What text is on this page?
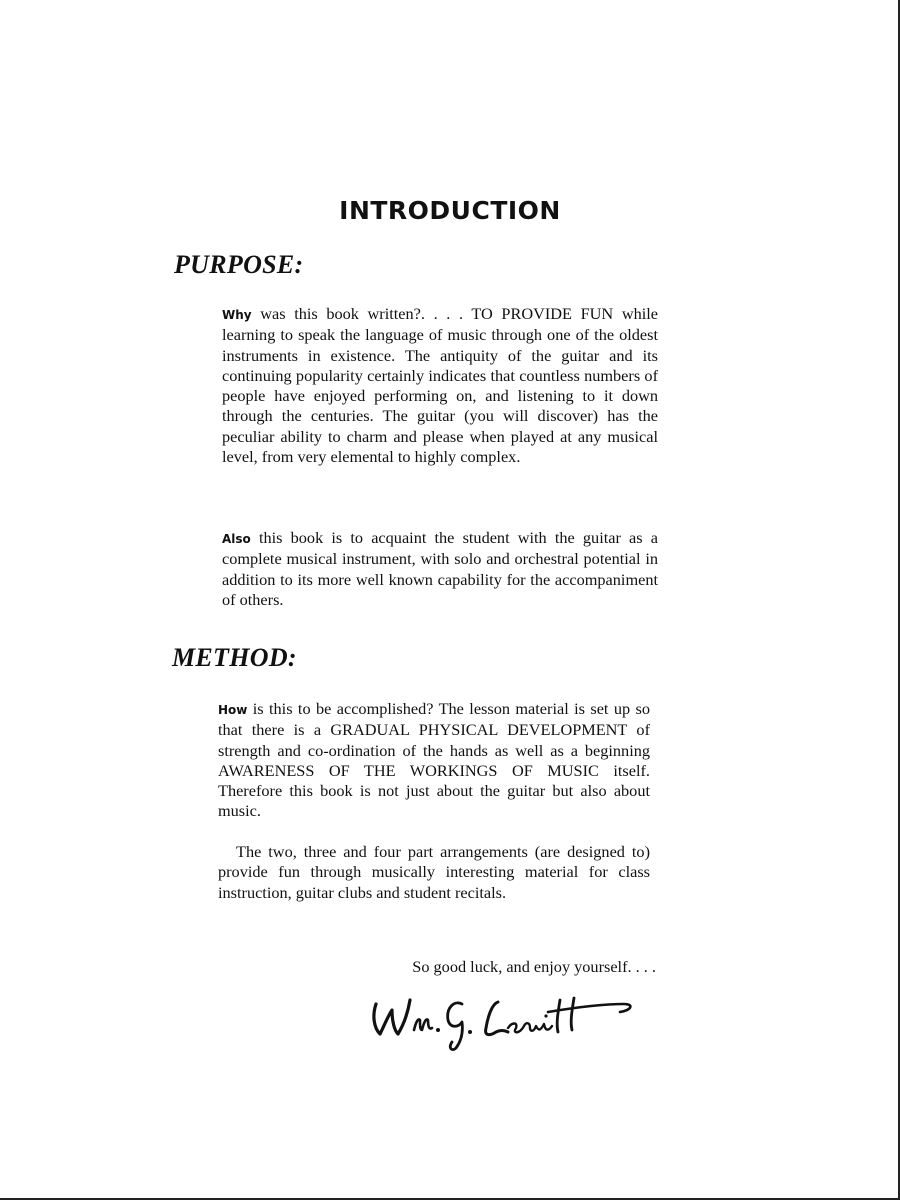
INTRODUCTION
PURPOSE:

Why was this book written?. . . . TO PROVIDE FUN while learning to speak the language of music through one of the oldest instruments in existence. The antiquity of the guitar and its continuing popularity certainly indicates that countless numbers of people have enjoyed performing on, and listening to it down through the centuries. The guitar (you will discover) has the peculiar ability to charm and please when played at any musical level, from very elemental to highly complex.

Also this book is to acquaint the student with the guitar as a complete musical instrument, with solo and orchestral potential in addition to its more well known capability for the accompaniment of others.

METHOD:

How is this to be accomplished? The lesson material is set up so that there is a GRADUAL PHYSICAL DEVELOPMENT of strength and co-ordination of the hands as well as a beginning AWARENESS OF THE WORKINGS OF MUSIC itself. Therefore this book is not just about the guitar but also about music.

The two, three and four part arrangements (are designed to) provide fun through musically interesting material for class instruction, guitar clubs and student recitals.

So good luck, and enjoy yourself. . . .
